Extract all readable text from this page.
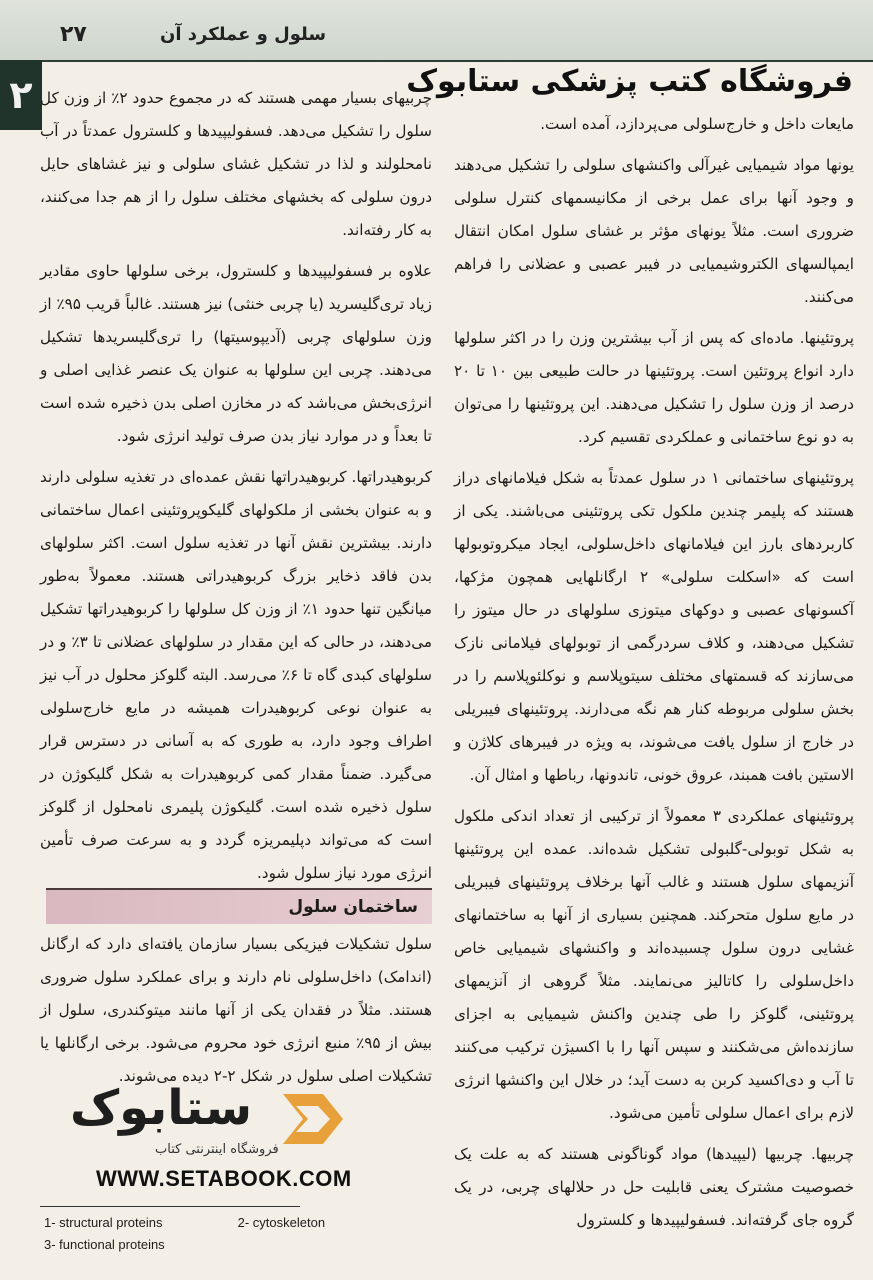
۲۷	سلول و عملکرد آن
۲	فروشگاه کتب پزشکی ستابوک

چربیهای بسیار مهمی هستند که در مجموع حدود ۲٪ از وزن کل سلول را تشکیل می‌دهد. فسفولیپیدها و کلسترول عمدتاً در آب نامحلولند و لذا در تشکیل غشای سلولی و نیز غشاهای حایل درون سلولی که بخشهای مختلف سلول را از هم جدا می‌کنند، به کار رفته‌اند.

علاوه بر فسفولیپیدها و کلسترول، برخی سلولها حاوی مقادیر زیاد تری‌گلیسرید (یا چربی خنثی) نیز هستند. غالباً قریب ۹۵٪ از وزن سلولهای چربی (آدیپوسیتها) را تری‌گلیسریدها تشکیل می‌دهند. چربی این سلولها به عنوان یک عنصر غذایی اصلی و انرژی‌بخش می‌باشد که در مخازن اصلی بدن ذخیره شده است تا بعداً و در موارد نیاز بدن صرف تولید انرژی شود.

کربوهیدراتها. کربوهیدراتها نقش عمده‌ای در تغذیه سلولی دارند و به عنوان بخشی از ملکولهای گلیکوپروتئینی اعمال ساختمانی دارند. بیشترین نقش آنها در تغذیه سلول است. اکثر سلولهای بدن فاقد ذخایر بزرگ کربوهیدراتی هستند. معمولاً به‌طور میانگین تنها حدود ۱٪ از وزن کل سلولها را کربوهیدراتها تشکیل می‌دهند، در حالی که این مقدار در سلولهای عضلانی تا ۳٪ و در سلولهای کبدی گاه تا ۶٪ می‌رسد. البته گلوکز محلول در آب نیز به عنوان نوعی کربوهیدرات همیشه در مایع خارج‌سلولی اطراف وجود دارد، به طوری که به آسانی در دسترس قرار می‌گیرد. ضمناً مقدار کمی کربوهیدرات به شکل گلیکوژن در سلول ذخیره شده است. گلیکوژن پلیمری نامحلول از گلوکز است که می‌تواند دپلیمریزه گردد و به سرعت صرف تأمین انرژی مورد نیاز سلول شود.

ساختمان سلول

سلول تشکیلات فیزیکی بسیار سازمان یافته‌ای دارد که ارگانل (اندامک) داخل‌سلولی نام دارند و برای عملکرد سلول ضروری هستند. مثلاً در فقدان یکی از آنها مانند میتوکندری، سلول از بیش از ۹۵٪ منبع انرژی خود محروم می‌شود. برخی ارگانلها یا تشکیلات اصلی سلول در شکل ۲-۲ دیده می‌شوند.

مایعات داخل و خارج‌سلولی می‌پردازد، آمده است.

یونها مواد شیمیایی غیرآلی واکنشهای سلولی را تشکیل می‌دهند و وجود آنها برای عمل برخی از مکانیسمهای کنترل سلولی ضروری است. مثلاً یونهای مؤثر بر غشای سلول امکان انتقال ایمپالسهای الکتروشیمیایی در فیبر عصبی و عضلانی را فراهم می‌کنند.

پروتئینها. ماده‌ای که پس از آب بیشترین وزن را در اکثر سلولها دارد انواع پروتئین است. پروتئینها در حالت طبیعی بین ۱۰ تا ۲۰ درصد از وزن سلول را تشکیل می‌دهند. این پروتئینها را می‌توان به دو نوع ساختمانی و عملکردی تقسیم کرد.

پروتئینهای ساختمانی ۱ در سلول عمدتاً به شکل فیلامانهای دراز هستند که پلیمر چندین ملکول تکی پروتئینی می‌باشند. یکی از کاربردهای بارز این فیلامانهای داخل‌سلولی، ایجاد میکروتوبولها است که «اسکلت سلولی» ۲ ارگانلهایی همچون مژکها، آکسونهای عصبی و دوکهای میتوزی سلولهای در حال میتوز را تشکیل می‌دهند، و کلاف سردرگمی از توبولهای فیلامانی نازک می‌سازند که قسمتهای مختلف سیتوپلاسم و نوکلئوپلاسم را در بخش سلولی مربوطه کنار هم نگه می‌دارند. پروتئینهای فیبریلی در خارج از سلول یافت می‌شوند، به ویژه در فیبرهای کلاژن و الاستین بافت همبند، عروق خونی، تاندونها، رباطها و امثال آن.

پروتئینهای عملکردی ۳ معمولاً از ترکیبی از تعداد اندکی ملکول به شکل توبولی-گلبولی تشکیل شده‌اند. عمده این پروتئینها آنزیمهای سلول هستند و غالب آنها برخلاف پروتئینهای فیبریلی در مایع سلول متحرکند. همچنین بسیاری از آنها به ساختمانهای غشایی درون سلول چسبیده‌اند و واکنشهای شیمیایی خاص داخل‌سلولی را کاتالیز می‌نمایند. مثلاً گروهی از آنزیمهای پروتئینی، گلوکز را طی چندین واکنش شیمیایی به اجزای سازنده‌اش می‌شکنند و سپس آنها را با اکسیژن ترکیب می‌کنند تا آب و دی‌اکسید کربن به دست آید؛ در خلال این واکنشها انرژی لازم برای اعمال سلولی تأمین می‌شود.

چربیها. چربیها (لیپیدها) مواد گوناگونی هستند که به علت یک خصوصیت مشترک یعنی قابلیت حل در حلالهای چربی، در یک گروه جای گرفته‌اند. فسفولیپیدها و کلسترول

ستابوک
فروشگاه اینترنتی کتاب
WWW.SETABOOK.COM
1- structural proteins	2- cytoskeleton
3- functional proteins
